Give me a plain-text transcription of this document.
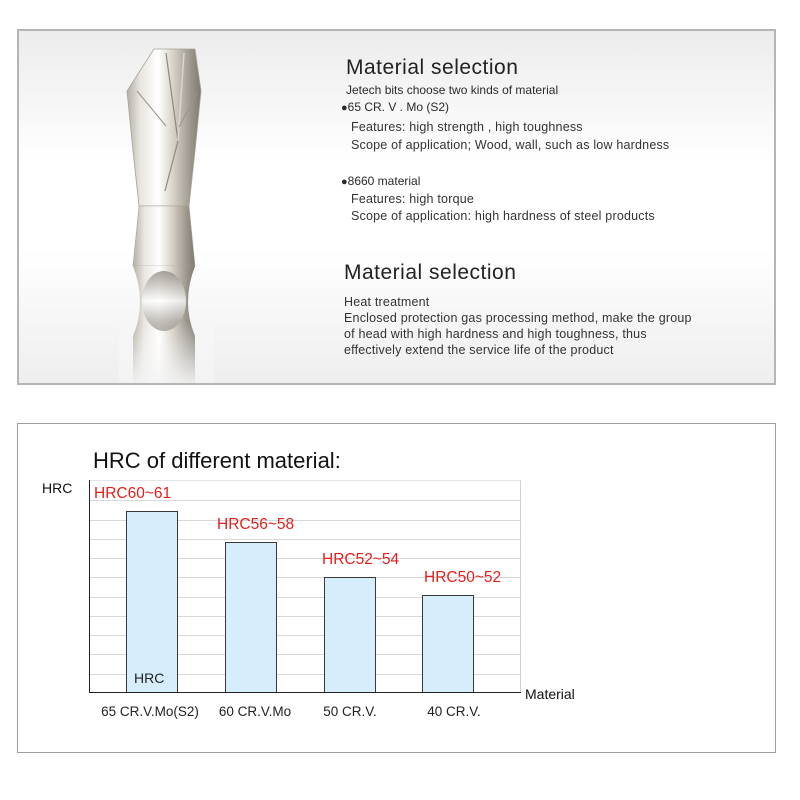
Material selection
Jetech bits choose two kinds of material
●65 CR. V . Mo (S2)
Features: high strength , high toughness
Scope of application; Wood, wall, such as low hardness
●8660 material
Features: high torque
Scope of application: high hardness of steel products
Material selection
Heat treatment
Enclosed protection gas processing method, make the group
of head with high hardness and high toughness, thus
effectively extend the service life of the product
HRC of different material:
HRC
Material
HRC60~61
65 CR.V.Mo(S2)
HRC56~58
60 CR.V.Mo
HRC52~54
50 CR.V.
HRC50~52
40 CR.V.
HRC
